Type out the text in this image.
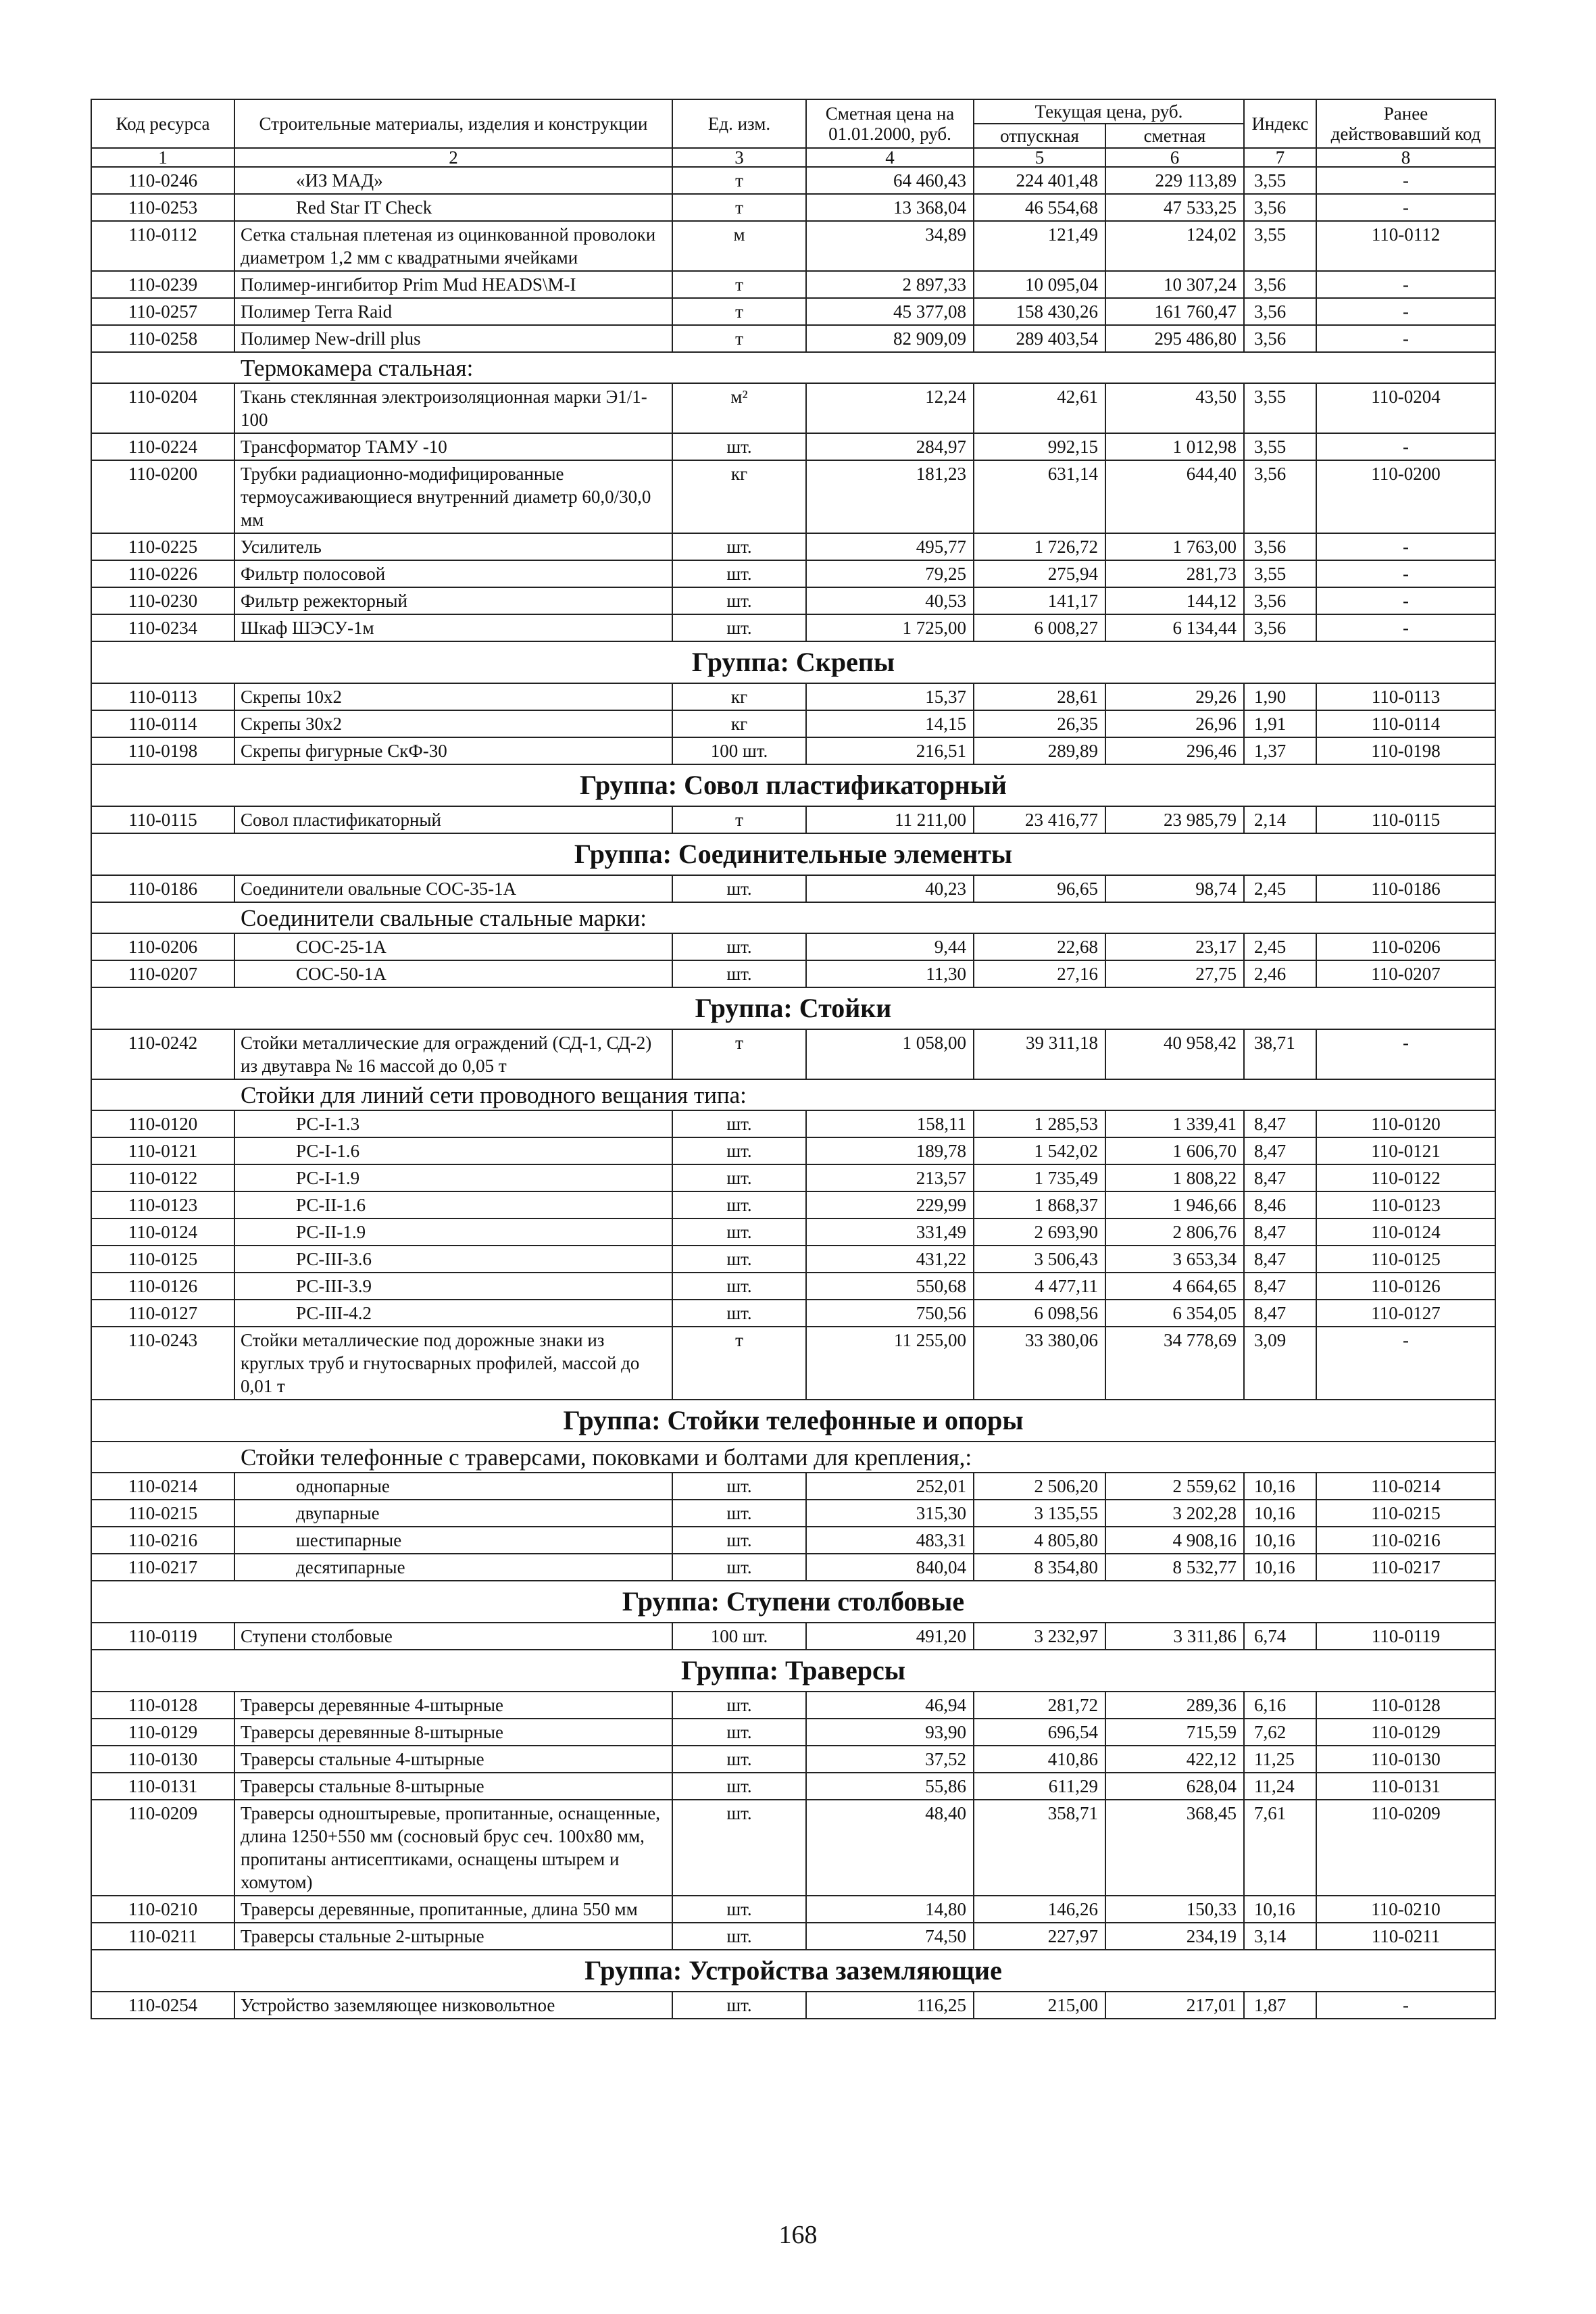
Код ресурса	Строительные материалы, изделия и конструкции	Ед. изм.	Сметная цена на 01.01.2000, руб.	Текущая цена, руб.		Индекс	Ранее действовавший код
				отпускная	сметная		
1	2	3	4	5	6	7	8
110-0246	«ИЗ МАД»	т	64 460,43	224 401,48	229 113,89	3,55	-
110-0253	Red Star IT Check	т	13 368,04	46 554,68	47 533,25	3,56	-
110-0112	Сетка стальная плетеная из оцинкованной проволоки диаметром 1,2 мм с квадратными ячейками	м	34,89	121,49	124,02	3,55	110-0112
110-0239	Полимер-ингибитор Prim Mud HEADS\M-I	т	2 897,33	10 095,04	10 307,24	3,56	-
110-0257	Полимер Terra Raid	т	45 377,08	158 430,26	161 760,47	3,56	-
110-0258	Полимер New-drill plus	т	82 909,09	289 403,54	295 486,80	3,56	-
Термокамера стальная:							
110-0204	Ткань стеклянная электроизоляционная марки Э1/1-100	м²	12,24	42,61	43,50	3,55	110-0204
110-0224	Трансформатор ТАМУ -10	шт.	284,97	992,15	1 012,98	3,55	-
110-0200	Трубки радиационно-модифицированные термоусаживающиеся внутренний диаметр 60,0/30,0 мм	кг	181,23	631,14	644,40	3,56	110-0200
110-0225	Усилитель	шт.	495,77	1 726,72	1 763,00	3,56	-
110-0226	Фильтр полосовой	шт.	79,25	275,94	281,73	3,55	-
110-0230	Фильтр режекторный	шт.	40,53	141,17	144,12	3,56	-
110-0234	Шкаф ШЭСУ-1м	шт.	1 725,00	6 008,27	6 134,44	3,56	-
Группа: Скрепы							
110-0113	Скрепы 10х2	кг	15,37	28,61	29,26	1,90	110-0113
110-0114	Скрепы 30х2	кг	14,15	26,35	26,96	1,91	110-0114
110-0198	Скрепы фигурные СкФ-30	100 шт.	216,51	289,89	296,46	1,37	110-0198
Группа: Совол пластификаторный							
110-0115	Совол пластификаторный	т	11 211,00	23 416,77	23 985,79	2,14	110-0115
Группа: Соединительные элементы							
110-0186	Соединители овальные СОС-35-1А	шт.	40,23	96,65	98,74	2,45	110-0186
Соединители свальные стальные марки:							
110-0206	СОС-25-1А	шт.	9,44	22,68	23,17	2,45	110-0206
110-0207	СОС-50-1А	шт.	11,30	27,16	27,75	2,46	110-0207
Группа: Стойки							
110-0242	Стойки металлические для ограждений (СД-1, СД-2) из двутавра № 16 массой до 0,05 т	т	1 058,00	39 311,18	40 958,42	38,71	-
Стойки для линий сети проводного вещания типа:							
110-0120	РС-I-1.3	шт.	158,11	1 285,53	1 339,41	8,47	110-0120
110-0121	РС-I-1.6	шт.	189,78	1 542,02	1 606,70	8,47	110-0121
110-0122	РС-I-1.9	шт.	213,57	1 735,49	1 808,22	8,47	110-0122
110-0123	РС-II-1.6	шт.	229,99	1 868,37	1 946,66	8,46	110-0123
110-0124	РС-II-1.9	шт.	331,49	2 693,90	2 806,76	8,47	110-0124
110-0125	РС-III-3.6	шт.	431,22	3 506,43	3 653,34	8,47	110-0125
110-0126	РС-III-3.9	шт.	550,68	4 477,11	4 664,65	8,47	110-0126
110-0127	РС-III-4.2	шт.	750,56	6 098,56	6 354,05	8,47	110-0127
110-0243	Стойки металлические под дорожные знаки из круглых труб и гнутосварных профилей, массой до 0,01 т	т	11 255,00	33 380,06	34 778,69	3,09	-
Группа: Стойки телефонные и опоры							
Стойки телефонные с траверсами, поковками и болтами для крепления,:							
110-0214	однопарные	шт.	252,01	2 506,20	2 559,62	10,16	110-0214
110-0215	двупарные	шт.	315,30	3 135,55	3 202,28	10,16	110-0215
110-0216	шестипарные	шт.	483,31	4 805,80	4 908,16	10,16	110-0216
110-0217	десятипарные	шт.	840,04	8 354,80	8 532,77	10,16	110-0217
Группа: Ступени столбовые							
110-0119	Ступени столбовые	100 шт.	491,20	3 232,97	3 311,86	6,74	110-0119
Группа: Траверсы							
110-0128	Траверсы деревянные 4-штырные	шт.	46,94	281,72	289,36	6,16	110-0128
110-0129	Траверсы деревянные 8-штырные	шт.	93,90	696,54	715,59	7,62	110-0129
110-0130	Траверсы стальные 4-штырные	шт.	37,52	410,86	422,12	11,25	110-0130
110-0131	Траверсы стальные 8-штырные	шт.	55,86	611,29	628,04	11,24	110-0131
110-0209	Траверсы одноштыревые, пропитанные, оснащенные, длина 1250+550 мм (сосновый брус сеч. 100х80 мм, пропитаны антисептиками, оснащены штырем и хомутом)	шт.	48,40	358,71	368,45	7,61	110-0209
110-0210	Траверсы деревянные, пропитанные, длина 550 мм	шт.	14,80	146,26	150,33	10,16	110-0210
110-0211	Траверсы стальные 2-штырные	шт.	74,50	227,97	234,19	3,14	110-0211
Группа: Устройства заземляющие							
110-0254	Устройство заземляющее низковольтное	шт.	116,25	215,00	217,01	1,87	-
168
